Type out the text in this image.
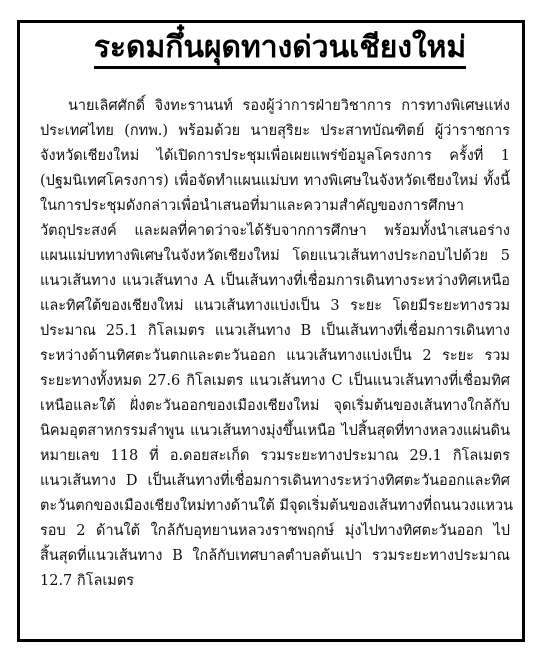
ระดมกึ๋นผุดทางด่วนเชียงใหม่
นายเลิศศักดิ์ จิงทะรานนท์ รองผู้ว่าการฝ่ายวิชาการ การทางพิเศษแห่ง
ประเทศไทย (กทพ.) พร้อมด้วย นายสุริยะ ประสาทบัณฑิตย์ ผู้ว่าราชการ
จังหวัดเชียงใหม่ ได้เปิดการประชุมเพื่อเผยแพร่ข้อมูลโครงการ ครั้งที่ 1
(ปฐมนิเทศโครงการ) เพื่อจัดทำแผนแม่บท ทางพิเศษในจังหวัดเชียงใหม่ ทั้งนี้
ในการประชุมดังกล่าวเพื่อนำเสนอที่มาและความสำคัญของการศึกษา
วัตถุประสงค์ และผลที่คาดว่าจะได้รับจากการศึกษา พร้อมทั้งนำเสนอร่าง
แผนแม่บททางพิเศษในจังหวัดเชียงใหม่ โดยแนวเส้นทางประกอบไปด้วย 5
แนวเส้นทาง แนวเส้นทาง A เป็นเส้นทางที่เชื่อมการเดินทางระหว่างทิศเหนือ
และทิศใต้ของเชียงใหม่ แนวเส้นทางแบ่งเป็น 3 ระยะ โดยมีระยะทางรวม
ประมาณ 25.1 กิโลเมตร แนวเส้นทาง B เป็นเส้นทางที่เชื่อมการเดินทาง
ระหว่างด้านทิศตะวันตกและตะวันออก แนวเส้นทางแบ่งเป็น 2 ระยะ รวม
ระยะทางทั้งหมด 27.6 กิโลเมตร แนวเส้นทาง C เป็นแนวเส้นทางที่เชื่อมทิศ
เหนือและใต้ ฝั่งตะวันออกของเมืองเชียงใหม่ จุดเริ่มต้นของเส้นทางใกล้กับ
นิคมอุตสาหกรรมลำพูน แนวเส้นทางมุ่งขึ้นเหนือ ไปสิ้นสุดที่ทางหลวงแผ่นดิน
หมายเลข 118 ที่ อ.ดอยสะเก็ด รวมระยะทางประมาณ 29.1 กิโลเมตร
แนวเส้นทาง D เป็นเส้นทางที่เชื่อมการเดินทางระหว่างทิศตะวันออกและทิศ
ตะวันตกของเมืองเชียงใหม่ทางด้านใต้ มีจุดเริ่มต้นของเส้นทางที่ถนนวงแหวน
รอบ 2 ด้านใต้ ใกล้กับอุทยานหลวงราชพฤกษ์ มุ่งไปทางทิศตะวันออก ไป
สิ้นสุดที่แนวเส้นทาง B ใกล้กับเทศบาลตำบลต้นเปา รวมระยะทางประมาณ
12.7 กิโลเมตร
